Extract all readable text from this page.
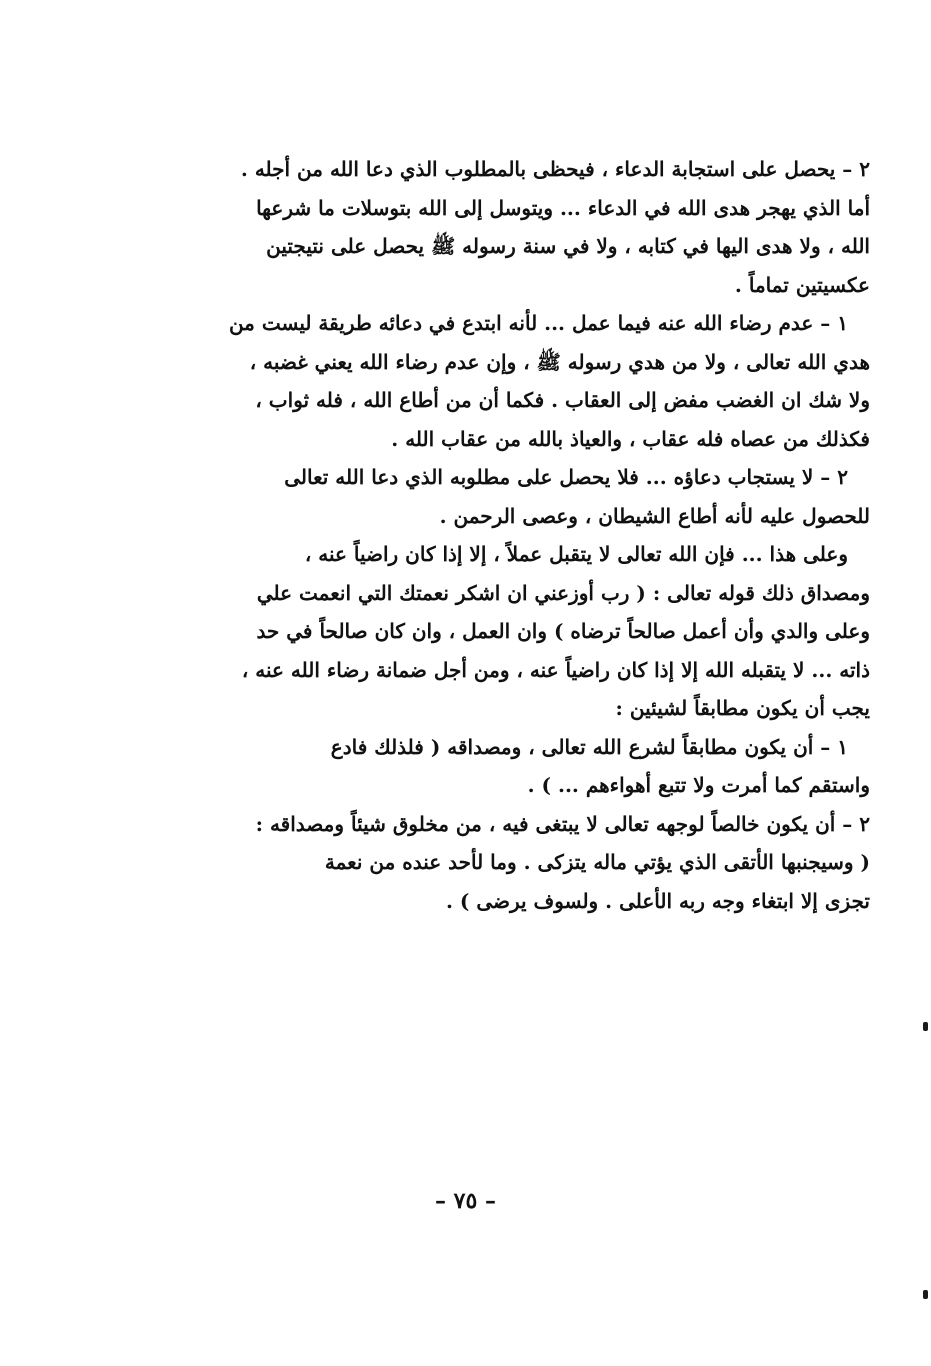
٢ – يحصل على استجابة الدعاء ، فيحظى بالمطلوب الذي دعا الله من أجله .
أما الذي يهجر هدى الله في الدعاء ... ويتوسل إلى الله بتوسلات ما شرعها
الله ، ولا هدى اليها في كتابه ، ولا في سنة رسوله ﷺ يحصل على نتيجتين
عكسيتين تماماً .
١ – عدم رضاء الله عنه فيما عمل ... لأنه ابتدع في دعائه طريقة ليست من
هدي الله تعالى ، ولا من هدي رسوله ﷺ ، وإن عدم رضاء الله يعني غضبه ،
ولا شك ان الغضب مفض إلى العقاب . فكما أن من أطاع الله ، فله ثواب ،
فكذلك من عصاه فله عقاب ، والعياذ بالله من عقاب الله .
٢ – لا يستجاب دعاؤه ... فلا يحصل على مطلوبه الذي دعا الله تعالى
للحصول عليه لأنه أطاع الشيطان ، وعصى الرحمن .
وعلى هذا ... فإن الله تعالى لا يتقبل عملاً ، إلا إذا كان راضياً عنه ،
ومصداق ذلك قوله تعالى : ( رب أوزعني ان اشكر نعمتك التي انعمت علي
وعلى والدي وأن أعمل صالحاً ترضاه ) وان العمل ، وان كان صالحاً في حد
ذاته ... لا يتقبله الله إلا إذا كان راضياً عنه ، ومن أجل ضمانة رضاء الله عنه ،
يجب أن يكون مطابقاً لشيئين :
١ – أن يكون مطابقاً لشرع الله تعالى ، ومصداقه ( فلذلك فادع
واستقم كما أمرت ولا تتبع أهواءهم ... ) .
٢ – أن يكون خالصاً لوجهه تعالى لا يبتغى فيه ، من مخلوق شيئاً ومصداقه :
( وسيجنبها الأتقى الذي يؤتي ماله يتزكى . وما لأحد عنده من نعمة
تجزى إلا ابتغاء وجه ربه الأعلى . ولسوف يرضى ) .
– ٧٥ –
